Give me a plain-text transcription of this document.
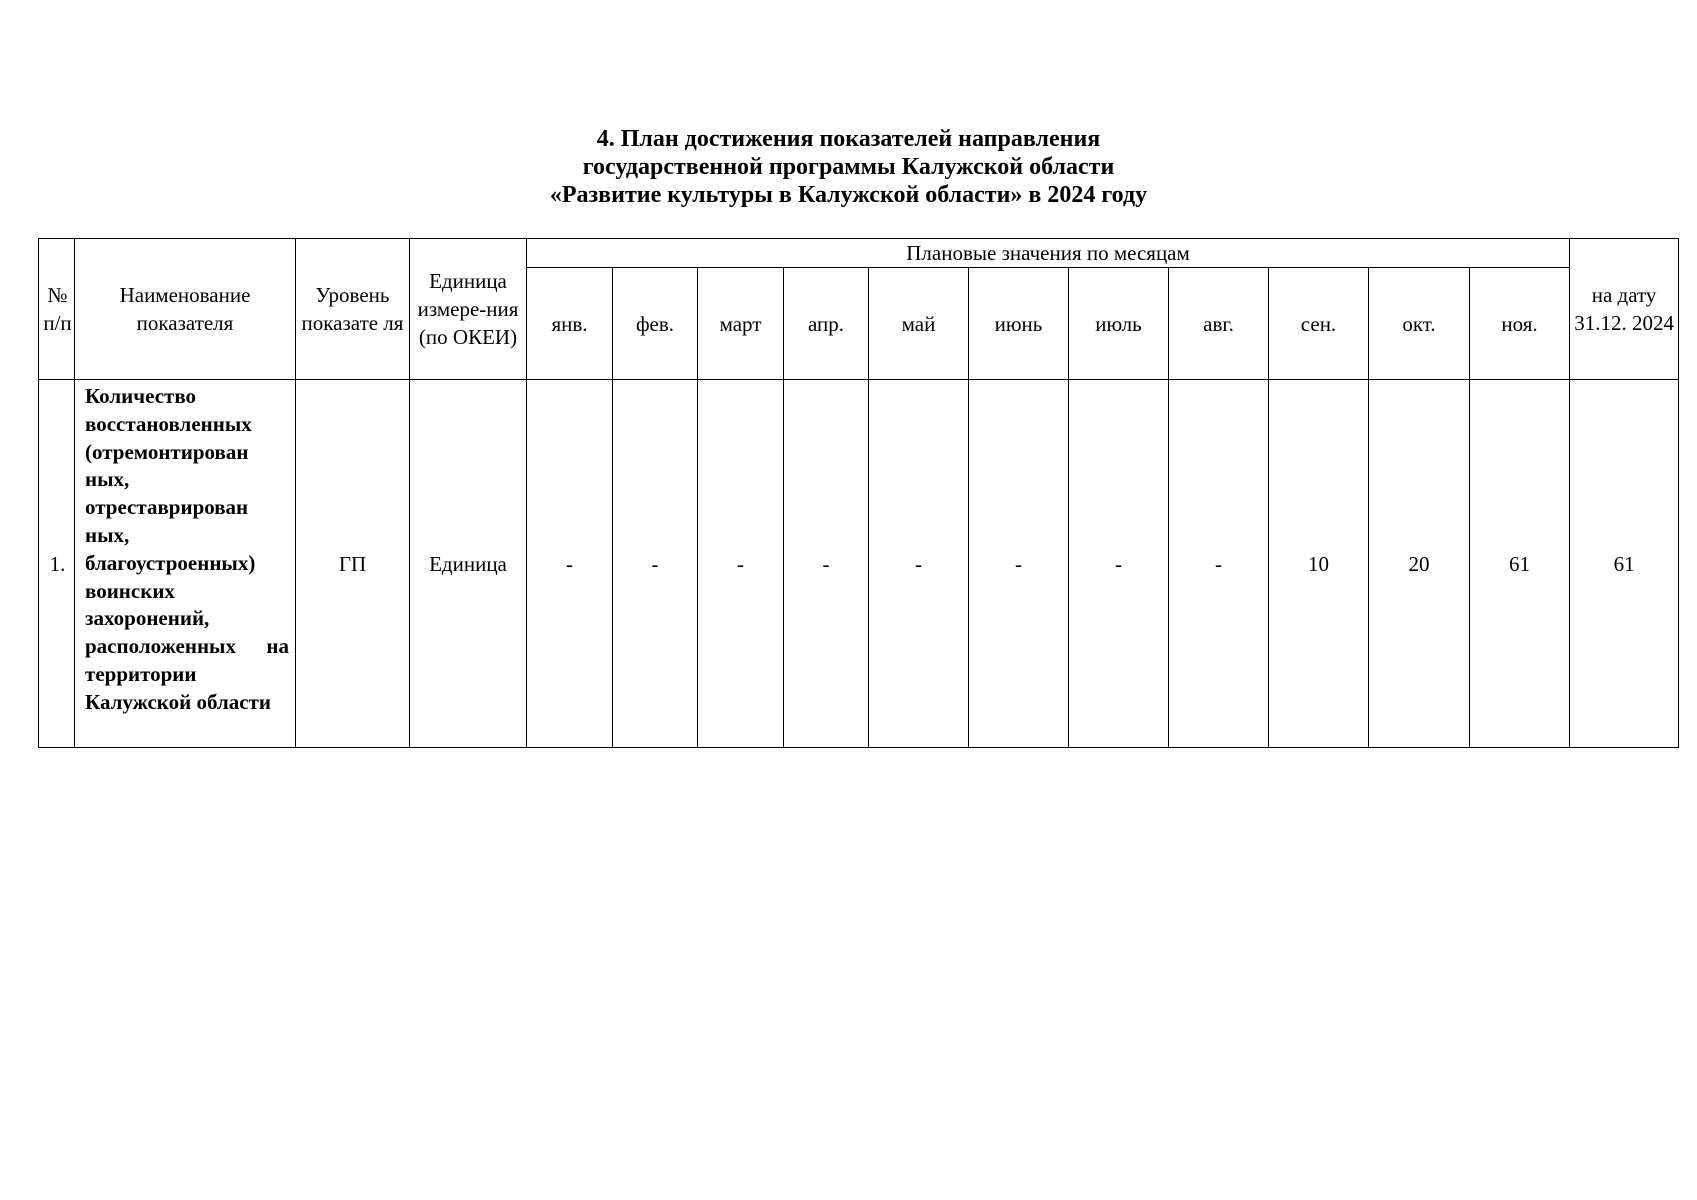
4. План достижения показателей направления
государственной программы Калужской области
«Развитие культуры в Калужской области» в 2024 году
№ п/п	Наименование показателя	Уровень показате ля	Единица измере-ния (по ОКЕИ)	Плановые значения по месяцам											на дату 31.12. 2024
				янв.	фев.	март	апр.	май	июнь	июль	авг.	сен.	окт.	ноя.	
1.	Количество восстановленных (отремонтирован ных, отреставрирован ных, благоустроенных) воинских захоронений, расположенных на территории Калужской области	ГП	Единица	-	-	-	-	-	-	-	-	10	20	61	61
